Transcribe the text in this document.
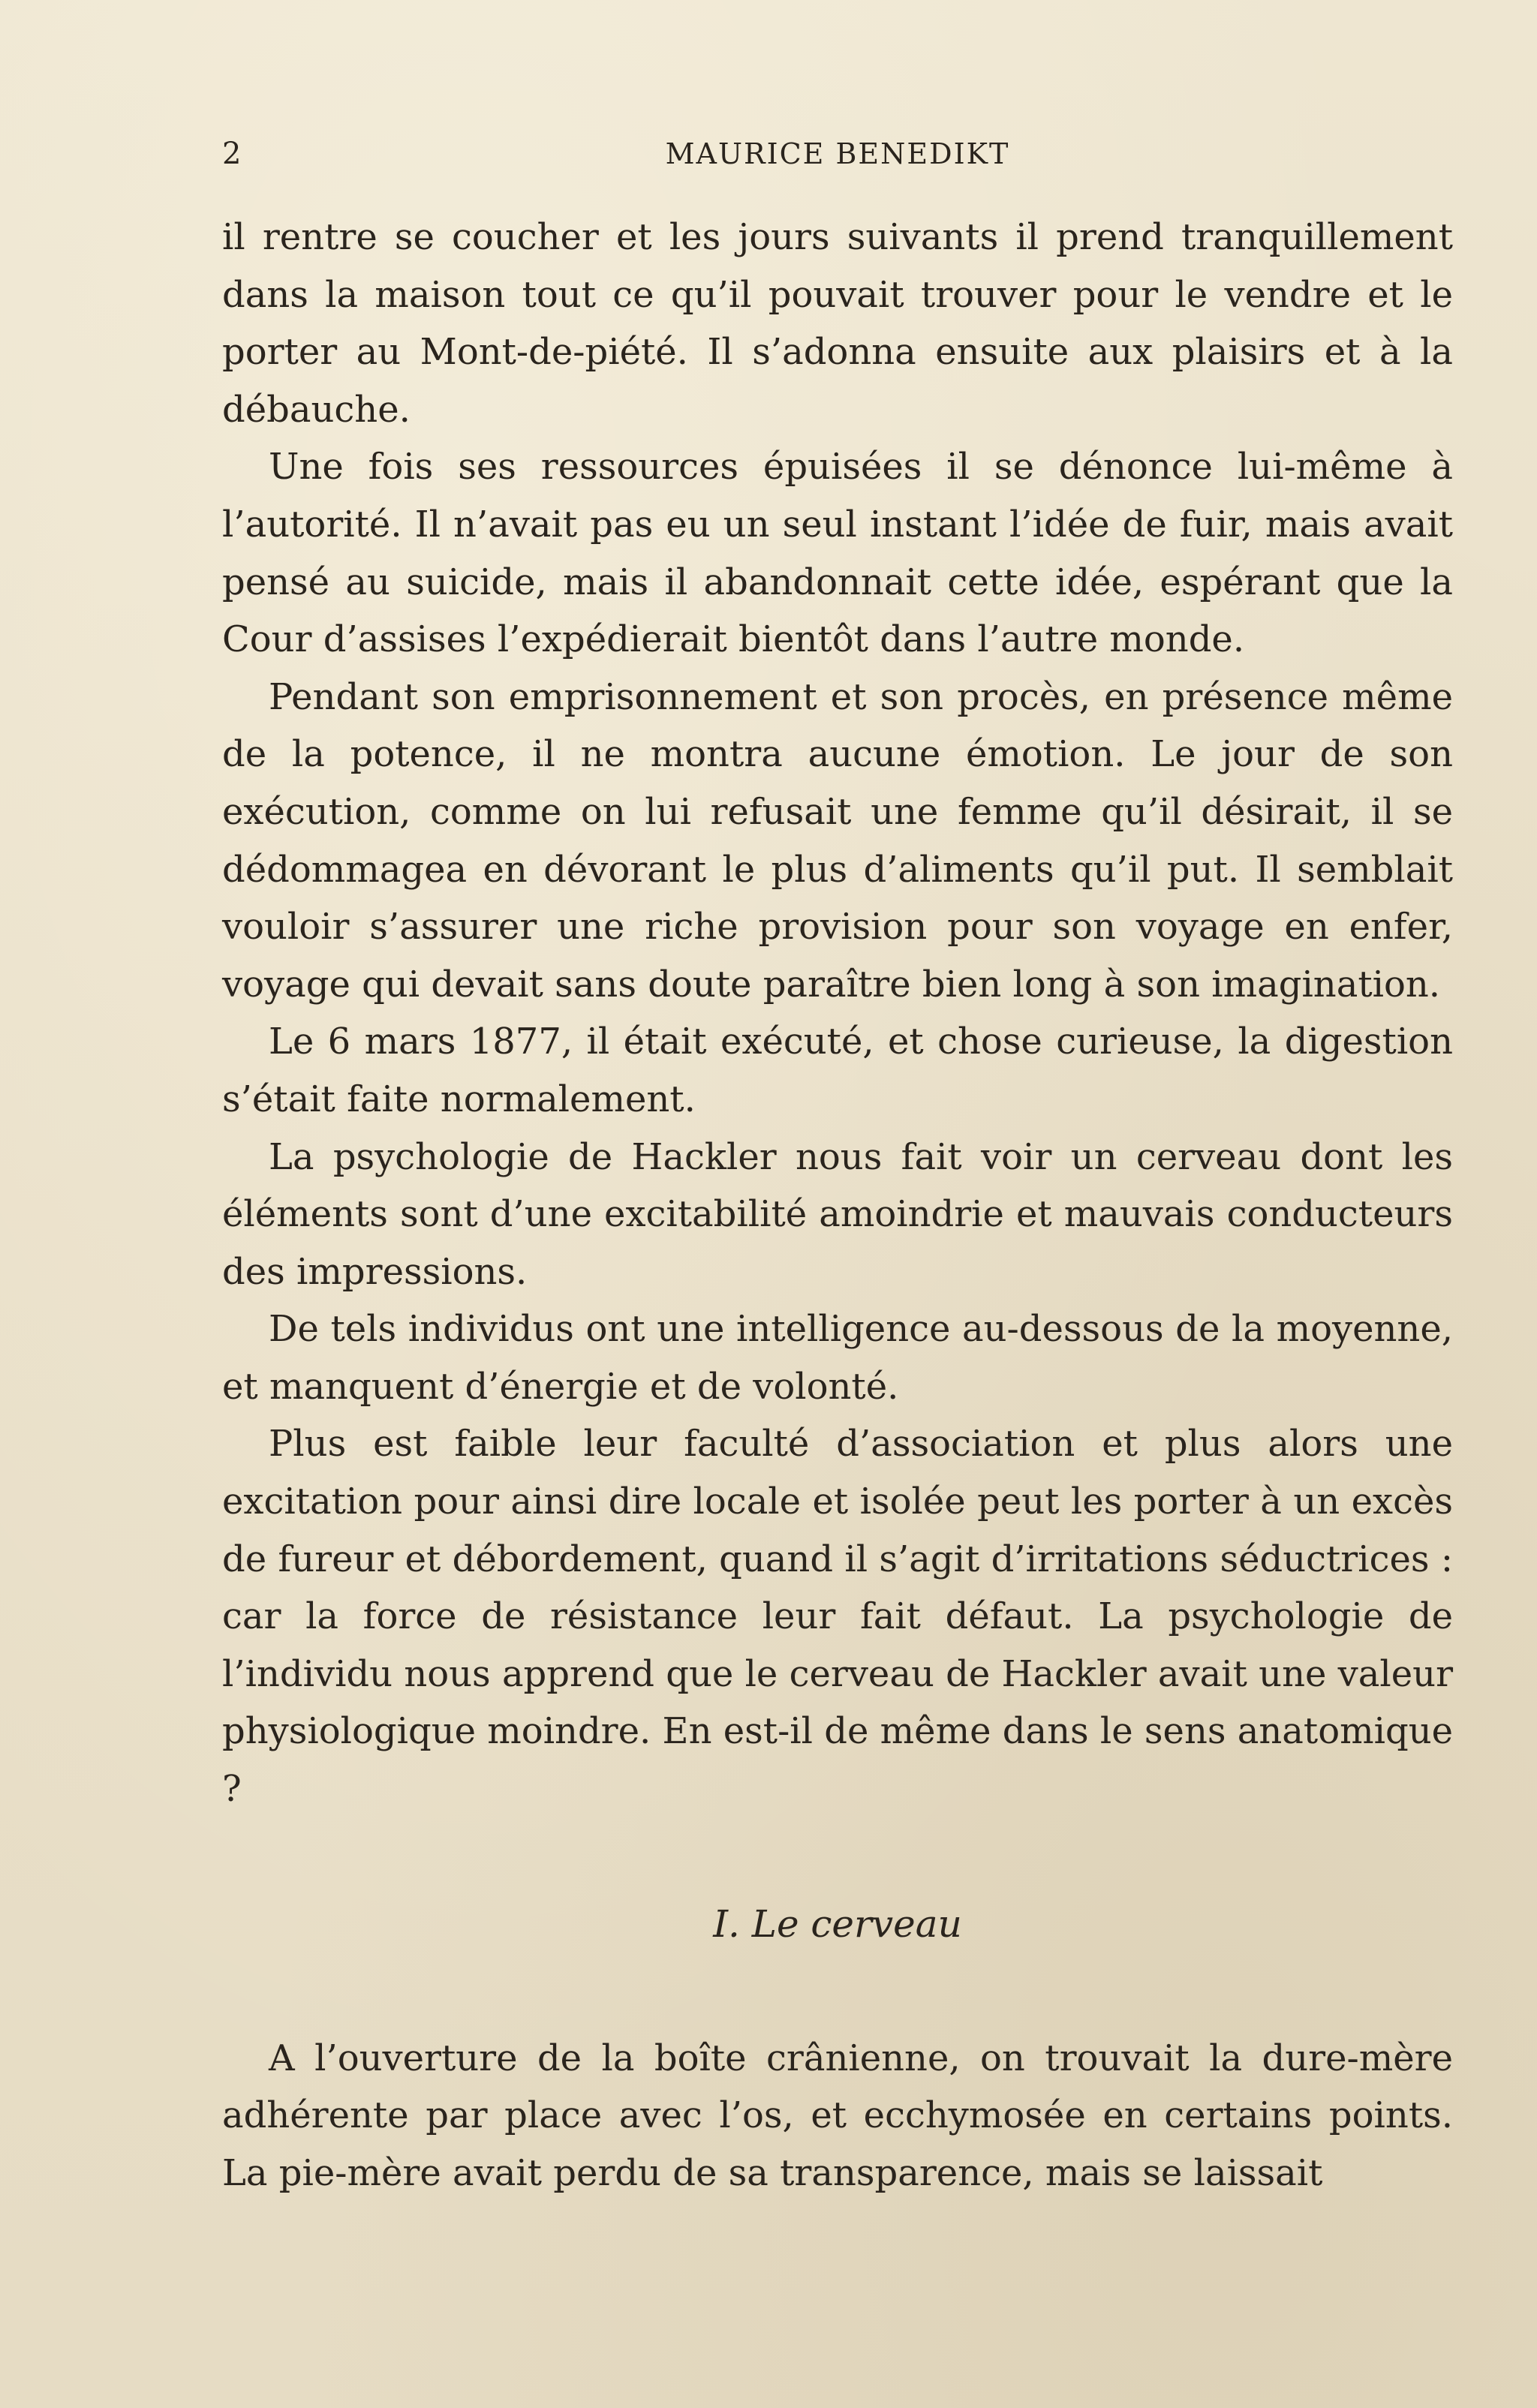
2	MAURICE BENEDIKT

il rentre se coucher et les jours suivants il prend tranquillement dans la maison tout ce qu’il pouvait trouver pour le vendre et le porter au Mont-de-piété. Il s’adonna ensuite aux plaisirs et à la débauche.

Une fois ses ressources épuisées il se dénonce lui-même à l’autorité. Il n’avait pas eu un seul instant l’idée de fuir, mais avait pensé au suicide, mais il abandonnait cette idée, espérant que la Cour d’assises l’expédierait bientôt dans l’autre monde.

Pendant son emprisonnement et son procès, en présence même de la potence, il ne montra aucune émotion. Le jour de son exécution, comme on lui refusait une femme qu’il désirait, il se dédommagea en dévorant le plus d’aliments qu’il put. Il semblait vouloir s’assurer une riche provision pour son voyage en enfer, voyage qui devait sans doute paraître bien long à son imagination.

Le 6 mars 1877, il était exécuté, et chose curieuse, la digestion s’était faite normalement.

La psychologie de Hackler nous fait voir un cerveau dont les éléments sont d’une excitabilité amoindrie et mauvais conducteurs des impressions.

De tels individus ont une intelligence au-dessous de la moyenne, et manquent d’énergie et de volonté.

Plus est faible leur faculté d’association et plus alors une excitation pour ainsi dire locale et isolée peut les porter à un excès de fureur et débordement, quand il s’agit d’irritations séductrices : car la force de résistance leur fait défaut. La psychologie de l’individu nous apprend que le cerveau de Hackler avait une valeur physiologique moindre. En est-il de même dans le sens anatomique ?

I. Le cerveau

A l’ouverture de la boîte crânienne, on trouvait la dure-mère adhérente par place avec l’os, et ecchymosée en certains points. La pie-mère avait perdu de sa transparence, mais se laissait
